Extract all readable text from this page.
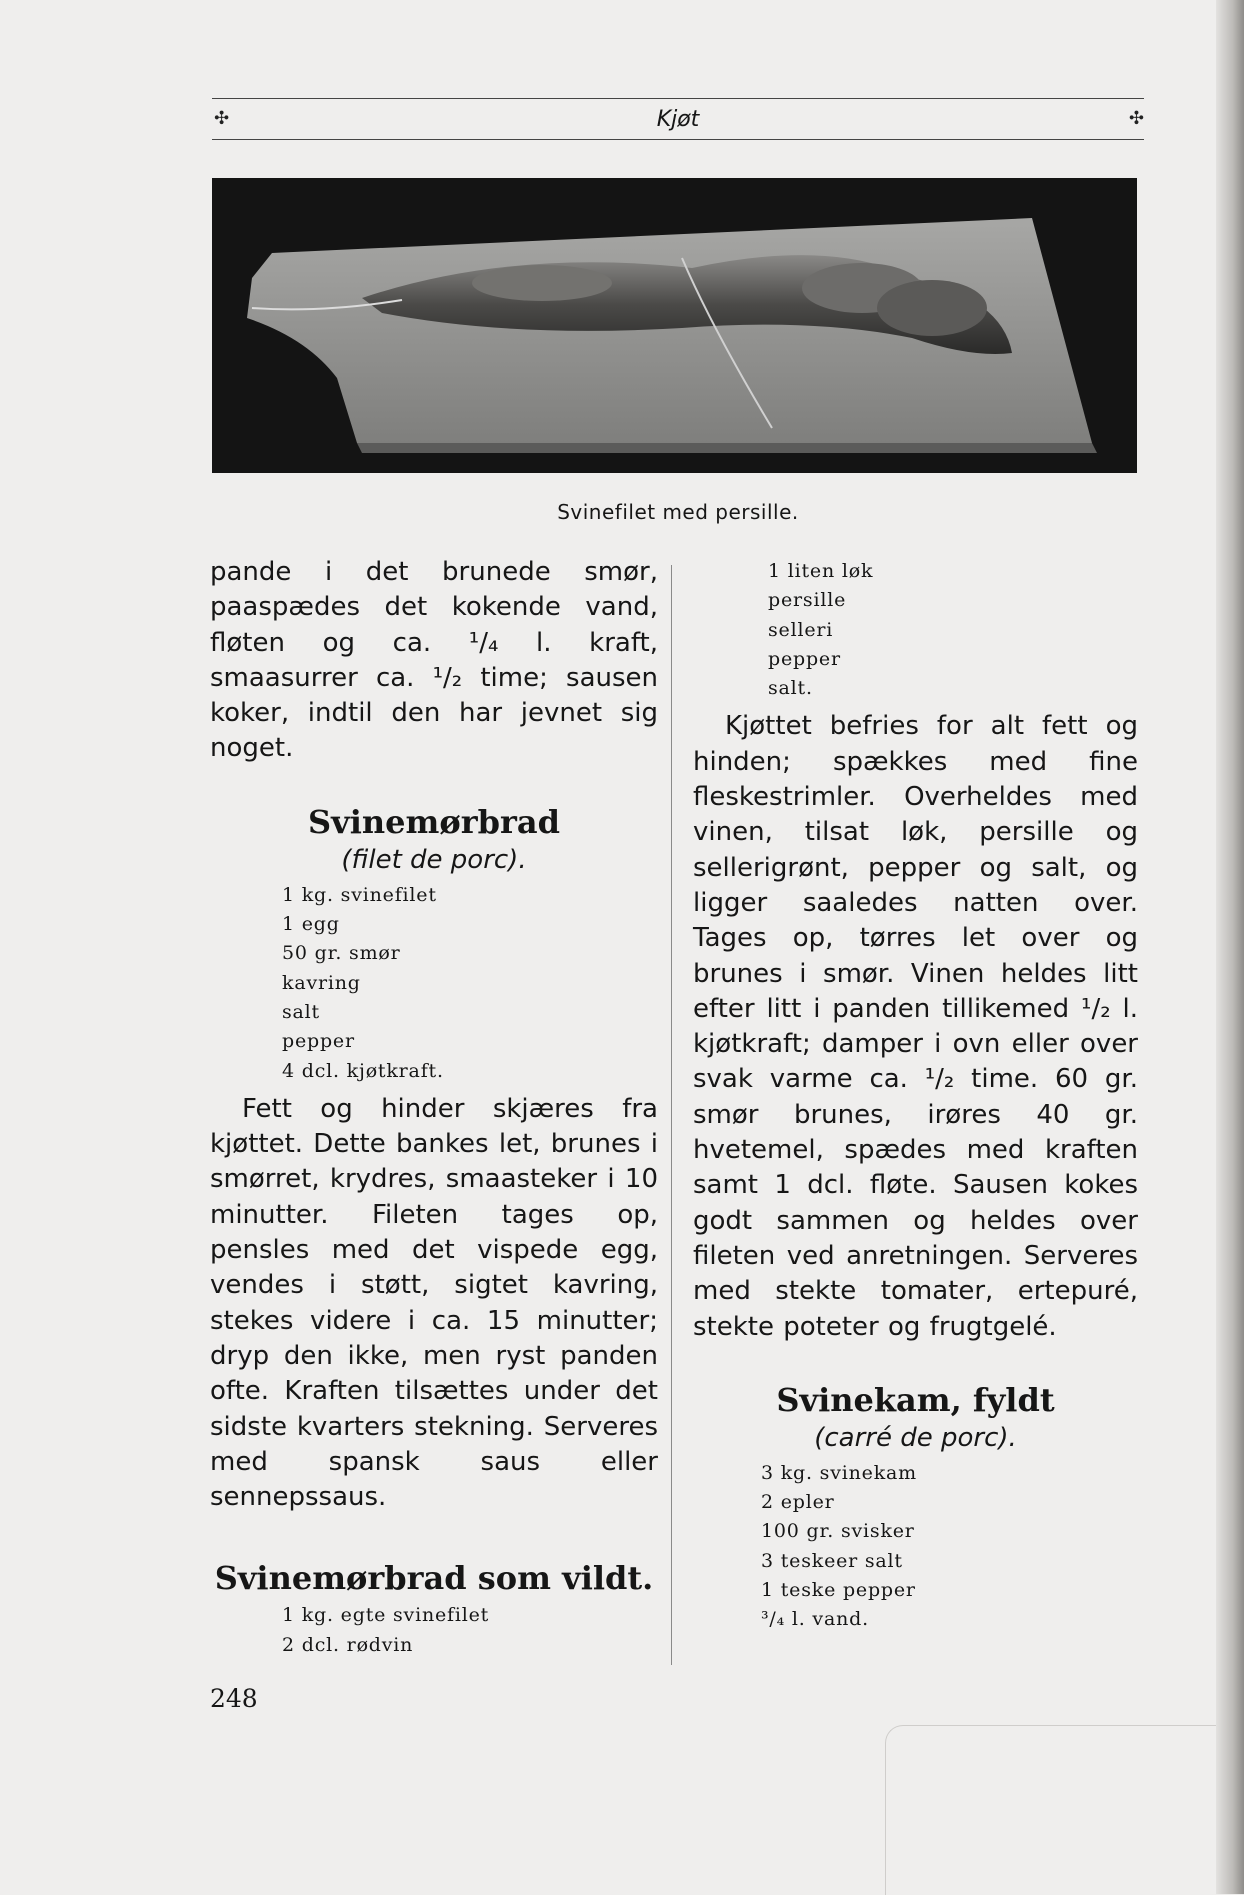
✣	Kjøt	✣
Svinefilet med persille.

pande i det brunede smør, paaspædes det kokende vand, fløten og ca. ¹/₄ l. kraft, smaasurrer ca. ¹/₂ time; sausen koker, indtil den har jevnet sig noget.

Svinemørbrad

(filet de porc).

1 kg. svinefilet
1 egg
50 gr. smør
kavring
salt
pepper
4 dcl. kjøtkraft.

Fett og hinder skjæres fra kjøttet. Dette bankes let, brunes i smørret, krydres, smaasteker i 10 minutter. Fileten tages op, pensles med det vispede egg, vendes i støtt, sigtet kavring, stekes videre i ca. 15 minutter; dryp den ikke, men ryst panden ofte. Kraften tilsættes under det sidste kvarters stekning. Serveres med spansk saus eller sennepssaus.

Svinemørbrad som vildt.
1 kg. egte svinefilet
2 dcl. rødvin
1 liten løk
persille
selleri
pepper
salt.

Kjøttet befries for alt fett og hinden; spækkes med fine fleskestrimler. Overheldes med vinen, tilsat løk, persille og sellerigrønt, pepper og salt, og ligger saaledes natten over. Tages op, tørres let over og brunes i smør. Vinen heldes litt efter litt i panden tillikemed ¹/₂ l. kjøtkraft; damper i ovn eller over svak varme ca. ¹/₂ time. 60 gr. smør brunes, irøres 40 gr. hvetemel, spædes med kraften samt 1 dcl. fløte. Sausen kokes godt sammen og heldes over fileten ved anretningen. Serveres med stekte tomater, ertepuré, stekte poteter og frugtgelé.

Svinekam, fyldt

(carré de porc).

3 kg. svinekam
2 epler
100 gr. svisker
3 teskeer salt
1 teske pepper
³/₄ l. vand.
248
